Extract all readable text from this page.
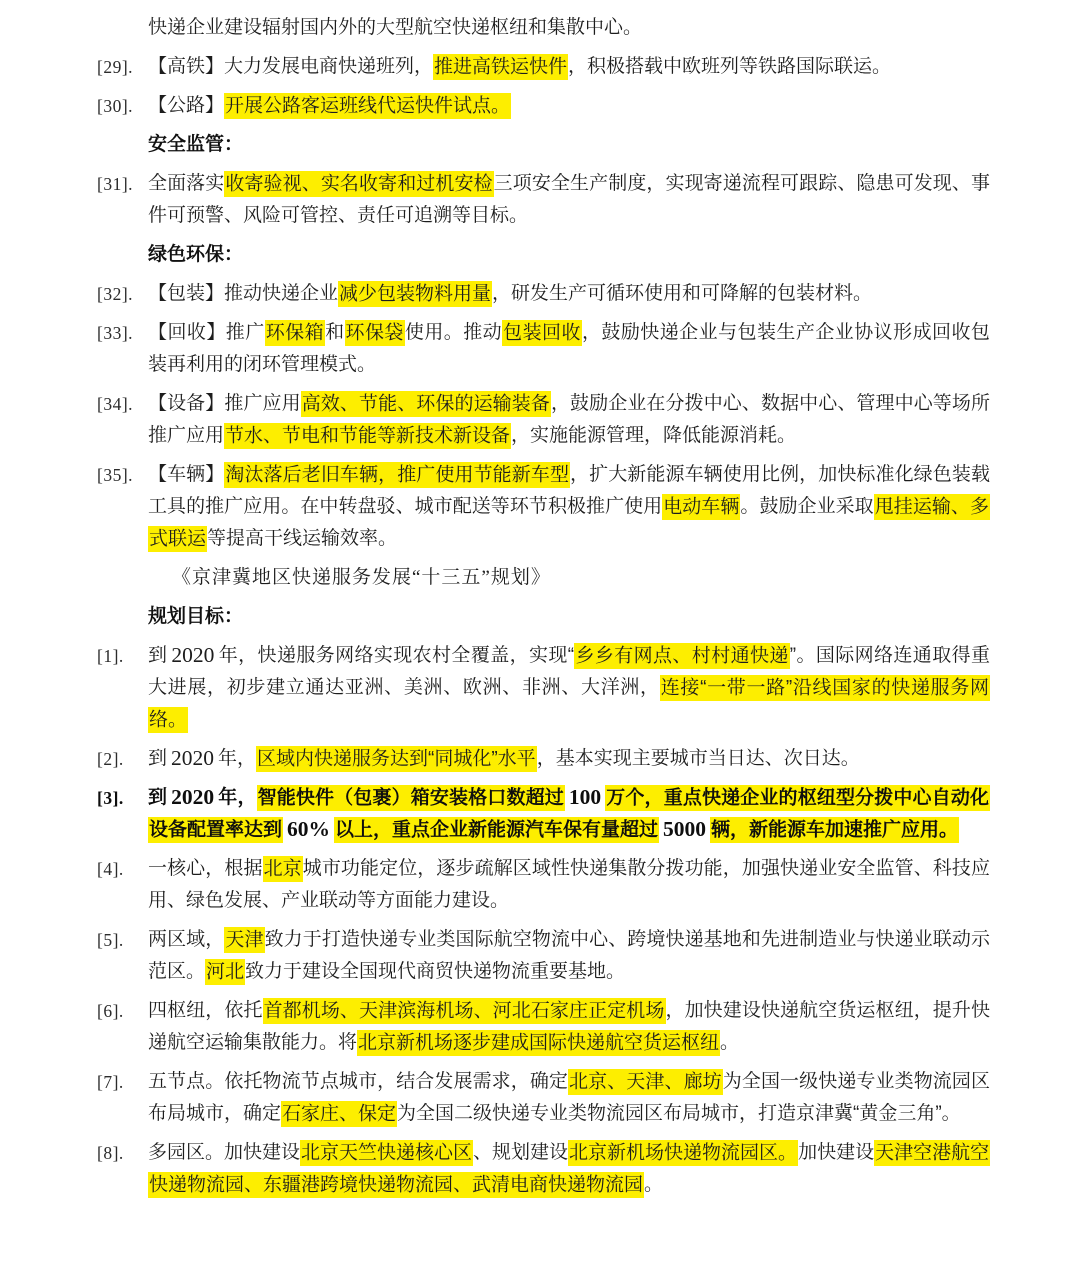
快递企业建设辐射国内外的大型航空快递枢纽和集散中心。
[29]. 【高铁】大力发展电商快递班列，推进高铁运快件，积极搭载中欧班列等铁路国际联运。
[30]. 【公路】开展公路客运班线代运快件试点。
安全监管：
[31]. 全面落实收寄验视、实名收寄和过机安检三项安全生产制度，实现寄递流程可跟踪、隐患可发现、事件可预警、风险可管控、责任可追溯等目标。
绿色环保：
[32]. 【包装】推动快递企业减少包装物料用量，研发生产可循环使用和可降解的包装材料。
[33]. 【回收】推广环保箱和环保袋使用。推动包装回收，鼓励快递企业与包装生产企业协议形成回收包装再利用的闭环管理模式。
[34]. 【设备】推广应用高效、节能、环保的运输装备，鼓励企业在分拨中心、数据中心、管理中心等场所推广应用节水、节电和节能等新技术新设备，实施能源管理，降低能源消耗。
[35]. 【车辆】淘汰落后老旧车辆，推广使用节能新车型，扩大新能源车辆使用比例，加快标准化绿色装载工具的推广应用。在中转盘驳、城市配送等环节积极推广使用电动车辆。鼓励企业采取甩挂运输、多式联运等提高干线运输效率。
《京津冀地区快递服务发展“十三五”规划》
规划目标：
[1].	到 2020 年，快递服务网络实现农村全覆盖，实现“乡乡有网点、村村通快递”。国际网络连通取得重大进展，初步建立通达亚洲、美洲、欧洲、非洲、大洋洲，连接“一带一路”沿线国家的快递服务网络。
[2].	到 2020 年，区域内快递服务达到“同城化”水平，基本实现主要城市当日达、次日达。
[3].	到 2020 年，智能快件（包裹）箱安装格口数超过 100 万个，重点快递企业的枢纽型分拨中心自动化设备配置率达到 60% 以上，重点企业新能源汽车保有量超过 5000 辆，新能源车加速推广应用。
[4].	一核心，根据北京城市功能定位，逐步疏解区域性快递集散分拨功能，加强快递业安全监管、科技应用、绿色发展、产业联动等方面能力建设。
[5].	两区域，天津致力于打造快递专业类国际航空物流中心、跨境快递基地和先进制造业与快递业联动示范区。河北致力于建设全国现代商贸快递物流重要基地。
[6].	四枢纽，依托首都机场、天津滨海机场、河北石家庄正定机场，加快建设快递航空货运枢纽，提升快递航空运输集散能力。将北京新机场逐步建成国际快递航空货运枢纽。
[7].	五节点。依托物流节点城市，结合发展需求，确定北京、天津、廊坊为全国一级快递专业类物流园区布局城市，确定石家庄、保定为全国二级快递专业类物流园区布局城市，打造京津冀“黄金三角”。
[8].	多园区。加快建设北京天竺快递核心区、规划建设北京新机场快递物流园区。加快建设天津空港航空快递物流园、东疆港跨境快递物流园、武清电商快递物流园。
